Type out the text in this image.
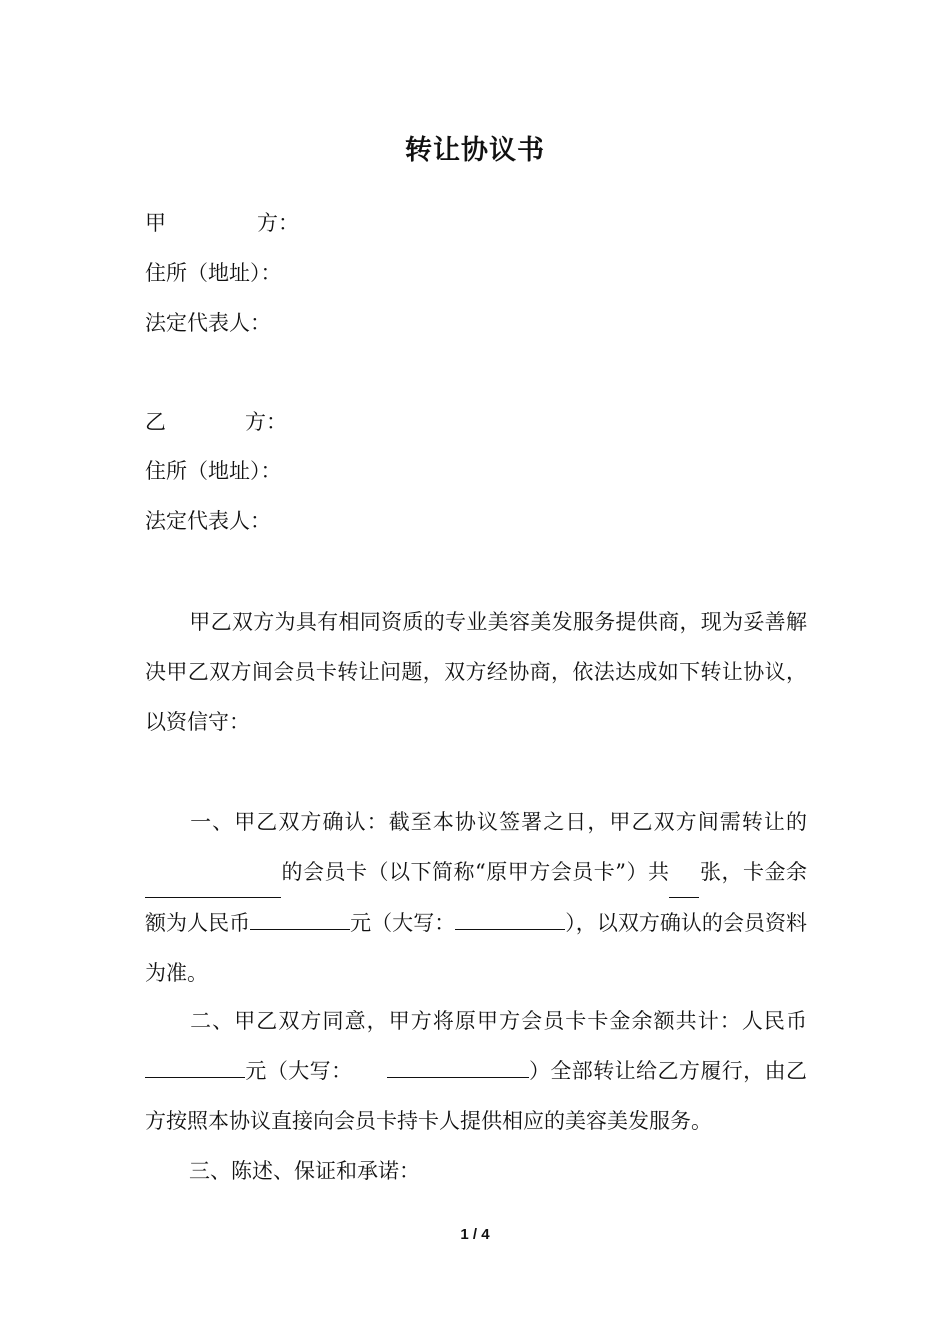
转让协议书
甲	方：
住所（地址）：
法定代表人：
乙	方：
住所（地址）：
法定代表人：
甲乙双方为具有相同资质的专业美容美发服务提供商，现为妥善解决甲乙双方间会员卡转让问题，双方经协商，依法达成如下转让协议，以资信守：
一、甲乙双方确认：截至本协议签署之日，甲乙双方间需转让的 的会员卡（以下简称“原甲方会员卡”）共 张，卡金余额为人民币	元（大写：	），以双方确认的会员资料为准。
二、甲乙双方同意，甲方将原甲方会员卡卡金余额共计：人民币元（大写：	）全部转让给乙方履行，由乙方按照本协议直接向会员卡持卡人提供相应的美容美发服务。
三、陈述、保证和承诺：
1 / 4
